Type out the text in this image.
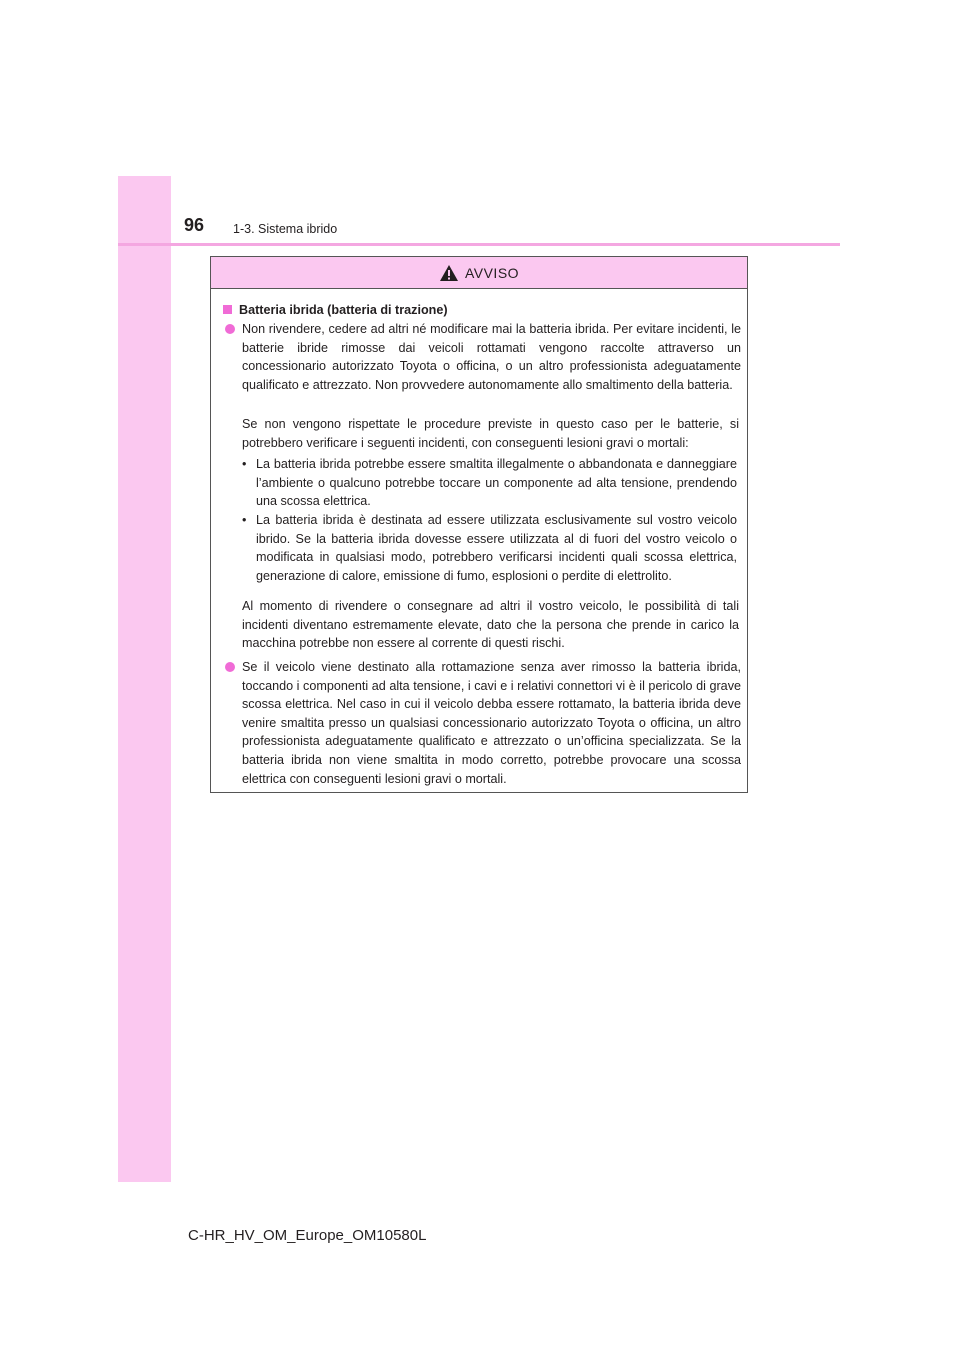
96 1-3. Sistema ibrido
AVVISO
Batteria ibrida (batteria di trazione)
Non rivendere, cedere ad altri né modificare mai la batteria ibrida. Per evitare incidenti, le batterie ibride rimosse dai veicoli rottamati vengono raccolte attraverso un concessionario autorizzato Toyota o officina, o un altro professionista adeguatamente qualificato e attrezzato. Non provvedere autonomamente allo smaltimento della batteria.
Se non vengono rispettate le procedure previste in questo caso per le batterie, si potrebbero verificare i seguenti incidenti, con conseguenti lesioni gravi o mortali:
• La batteria ibrida potrebbe essere smaltita illegalmente o abbandonata e danneggiare l’ambiente o qualcuno potrebbe toccare un componente ad alta tensione, prendendo una scossa elettrica.
• La batteria ibrida è destinata ad essere utilizzata esclusivamente sul vostro veicolo ibrido. Se la batteria ibrida dovesse essere utilizzata al di fuori del vostro veicolo o modificata in qualsiasi modo, potrebbero verificarsi incidenti quali scossa elettrica, generazione di calore, emissione di fumo, esplosioni o perdite di elettrolito.
Al momento di rivendere o consegnare ad altri il vostro veicolo, le possibilità di tali incidenti diventano estremamente elevate, dato che la persona che prende in carico la macchina potrebbe non essere al corrente di questi rischi.
Se il veicolo viene destinato alla rottamazione senza aver rimosso la batteria ibrida, toccando i componenti ad alta tensione, i cavi e i relativi connettori vi è il pericolo di grave scossa elettrica. Nel caso in cui il veicolo debba essere rottamato, la batteria ibrida deve venire smaltita presso un qualsiasi concessionario autorizzato Toyota o officina, un altro professionista adeguatamente qualificato e attrezzato o un’officina specializzata. Se la batteria ibrida non viene smaltita in modo corretto, potrebbe provocare una scossa elettrica con conseguenti lesioni gravi o mortali.
C-HR_HV_OM_Europe_OM10580L
